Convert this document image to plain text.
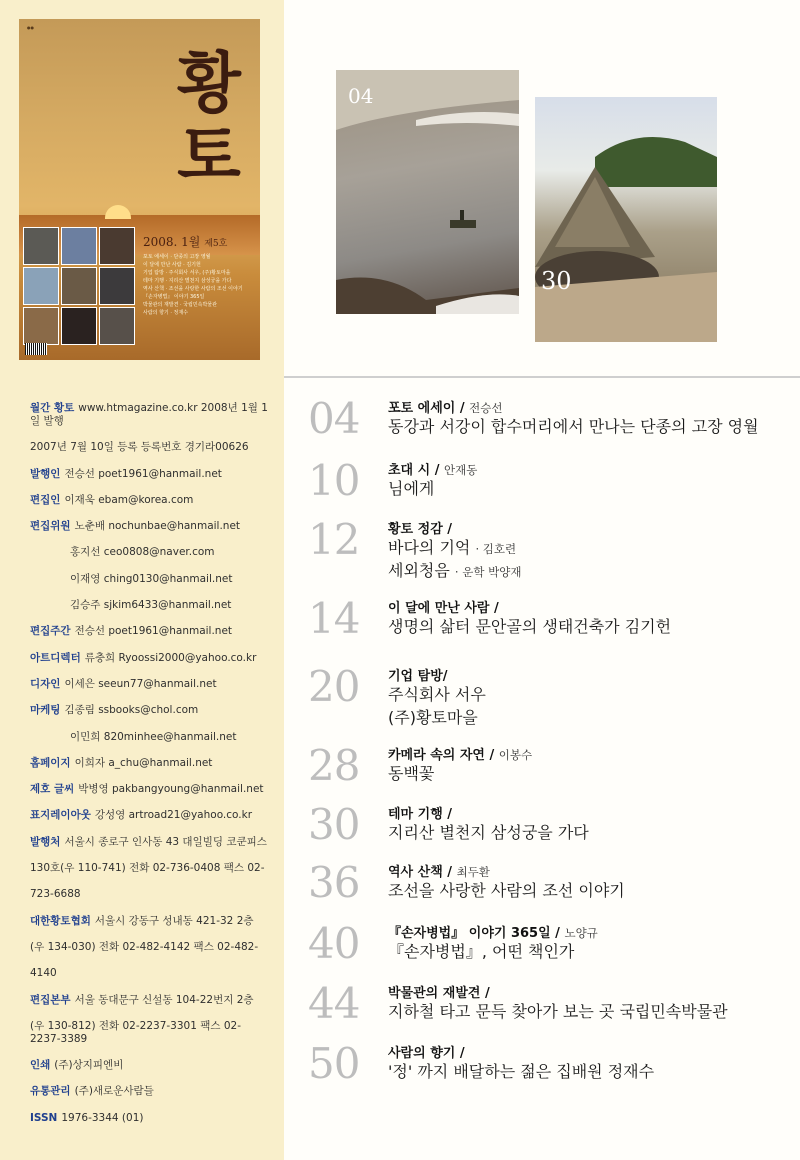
●●
황
토
2008. 1월 제5호
포토 에세이 · 단종의 고장 영월
이 달에 만난 사람 · 김기헌
기업 탐방 · 주식회사 서우, (주)황토마을
테마 기행 · 지리산 별천지 삼성궁을 가다
역사 산책 · 조선을 사랑한 사람의 조선 이야기
『손자병법』 이야기 365일
박물관의 재발견 · 국립민속박물관
사람의 향기 · 정재수
월간 황토 www.htmagazine.co.kr 2008년 1월 1일 발행
2007년 7월 10일 등록 등록번호 경기라00626
발행인 전승선 poet1961@hanmail.net
편집인 이재욱 ebam@korea.com
편집위원 노춘배 nochunbae@hanmail.net
홍지선 ceo0808@naver.com
이재영 ching0130@hanmail.net
김승주 sjkim6433@hanmail.net
편집주간 전승선 poet1961@hanmail.net
아트디렉터 류충희 Ryoossi2000@yahoo.co.kr
디자인 이세은 seeun77@hanmail.net
마케팅 김종림 ssbooks@chol.com
이민희 820minhee@hanmail.net
홈페이지 이희자 a_chu@hanmail.net
제호 글씨 박병영 pakbangyoung@hanmail.net
표지레이아웃 강성영 artroad21@yahoo.co.kr
발행처 서울시 종로구 인사동 43 대일빌딩 코쿤피스
130호(우 110-741) 전화 02-736-0408 팩스 02-
723-6688
대한황토협회 서울시 강동구 성내동 421-32 2층
(우 134-030) 전화 02-482-4142 팩스 02-482-
4140
편집본부 서울 동대문구 신설동 104-22번지 2층
(우 130-812) 전화 02-2237-3301 팩스 02-2237-3389
인쇄 (주)상지피엔비
유통관리 (주)새로운사람들
ISSN 1976-3344 (01)
04
30
04	포토 에세이 / 전승선
동강과 서강이 합수머리에서 만나는 단종의 고장 영월
10	초대 시 / 안재동
님에게
12	황토 정감 /
바다의 기억 · 김호련
세외청음 · 운학 박양재
14	이 달에 만난 사람 /
생명의 삶터 문안골의 생태건축가 김기헌
20	기업 탐방/
주식회사 서우
(주)황토마을
28	카메라 속의 자연 / 이봉수
동백꽃
30	테마 기행 /
지리산 별천지 삼성궁을 가다
36	역사 산책 / 최두환
조선을 사랑한 사람의 조선 이야기
40	『손자병법』 이야기 365일 / 노양규
『손자병법』, 어떤 책인가
44	박물관의 재발견 /
지하철 타고 문득 찾아가 보는 곳 국립민속박물관
50	사람의 향기 /
'정' 까지 배달하는 젊은 집배원 정재수
